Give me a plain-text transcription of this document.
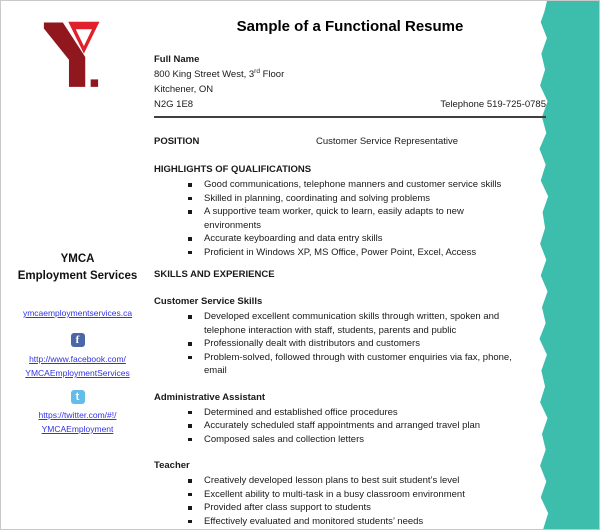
YMCA
Employment Services
ymcaemploymentservices.ca
f
http://www.facebook.com/
YMCAEmploymentServices
t
https://twitter.com/#!/
YMCAEmployment
Sample of a Functional Resume
Full Name
800 King Street West, 3rd Floor
Kitchener, ON
N2G 1E8	Telephone 519-725-0785
POSITION	Customer Service Representative
HIGHLIGHTS OF QUALIFICATIONS
Good communications, telephone manners and customer service skills
Skilled in planning, coordinating and solving problems
A supportive team worker, quick to learn, easily adapts to new environments
Accurate keyboarding and data entry skills
Proficient in Windows XP, MS Office, Power Point, Excel, Access
SKILLS AND EXPERIENCE
Customer Service Skills
Developed excellent communication skills through written, spoken and telephone interaction with staff, students, parents and public
Professionally dealt with distributors and customers
Problem-solved, followed through with customer enquiries via fax, phone, email
Administrative Assistant
Determined and established office procedures
Accurately scheduled staff appointments and arranged travel plan
Composed sales and collection letters
Teacher
Creatively developed lesson plans to best suit student’s level
Excellent ability to multi-task in a busy classroom environment
Provided after class support to students
Effectively evaluated and monitored students’ needs
